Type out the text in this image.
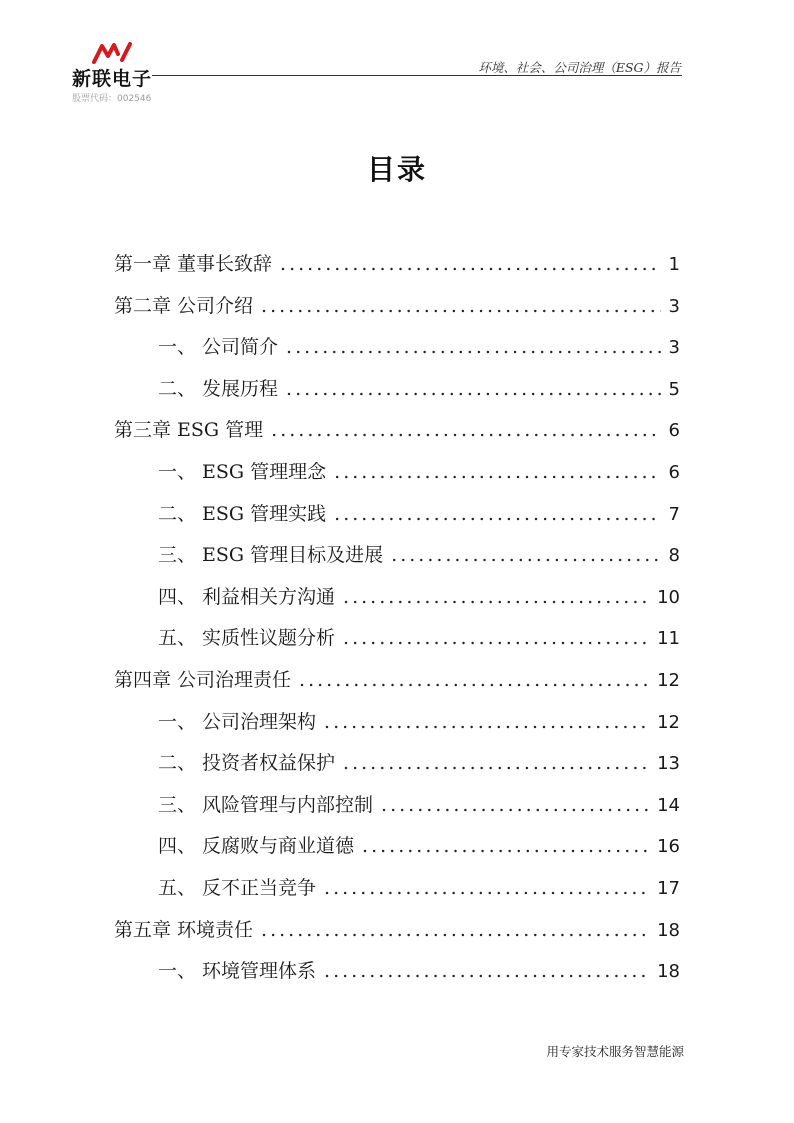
新联电子
股票代码：002546
环境、社会、公司治理（ESG）报告
目录
第一章 董事长致辞 .....	1
第二章 公司介绍 .....	3
一、 公司简介 .....	3
二、 发展历程 .....	5
第三章 ESG 管理 .....	6
一、 ESG 管理理念 .....	6
二、 ESG 管理实践 .....	7
三、 ESG 管理目标及进展 .....	8
四、 利益相关方沟通 .....	10
五、 实质性议题分析 .....	11
第四章 公司治理责任 .....	12
一、 公司治理架构 .....	12
二、 投资者权益保护 .....	13
三、 风险管理与内部控制 .....	14
四、 反腐败与商业道德 .....	16
五、 反不正当竞争 .....	17
第五章 环境责任 .....	18
一、 环境管理体系 .....	18
用专家技术服务智慧能源
